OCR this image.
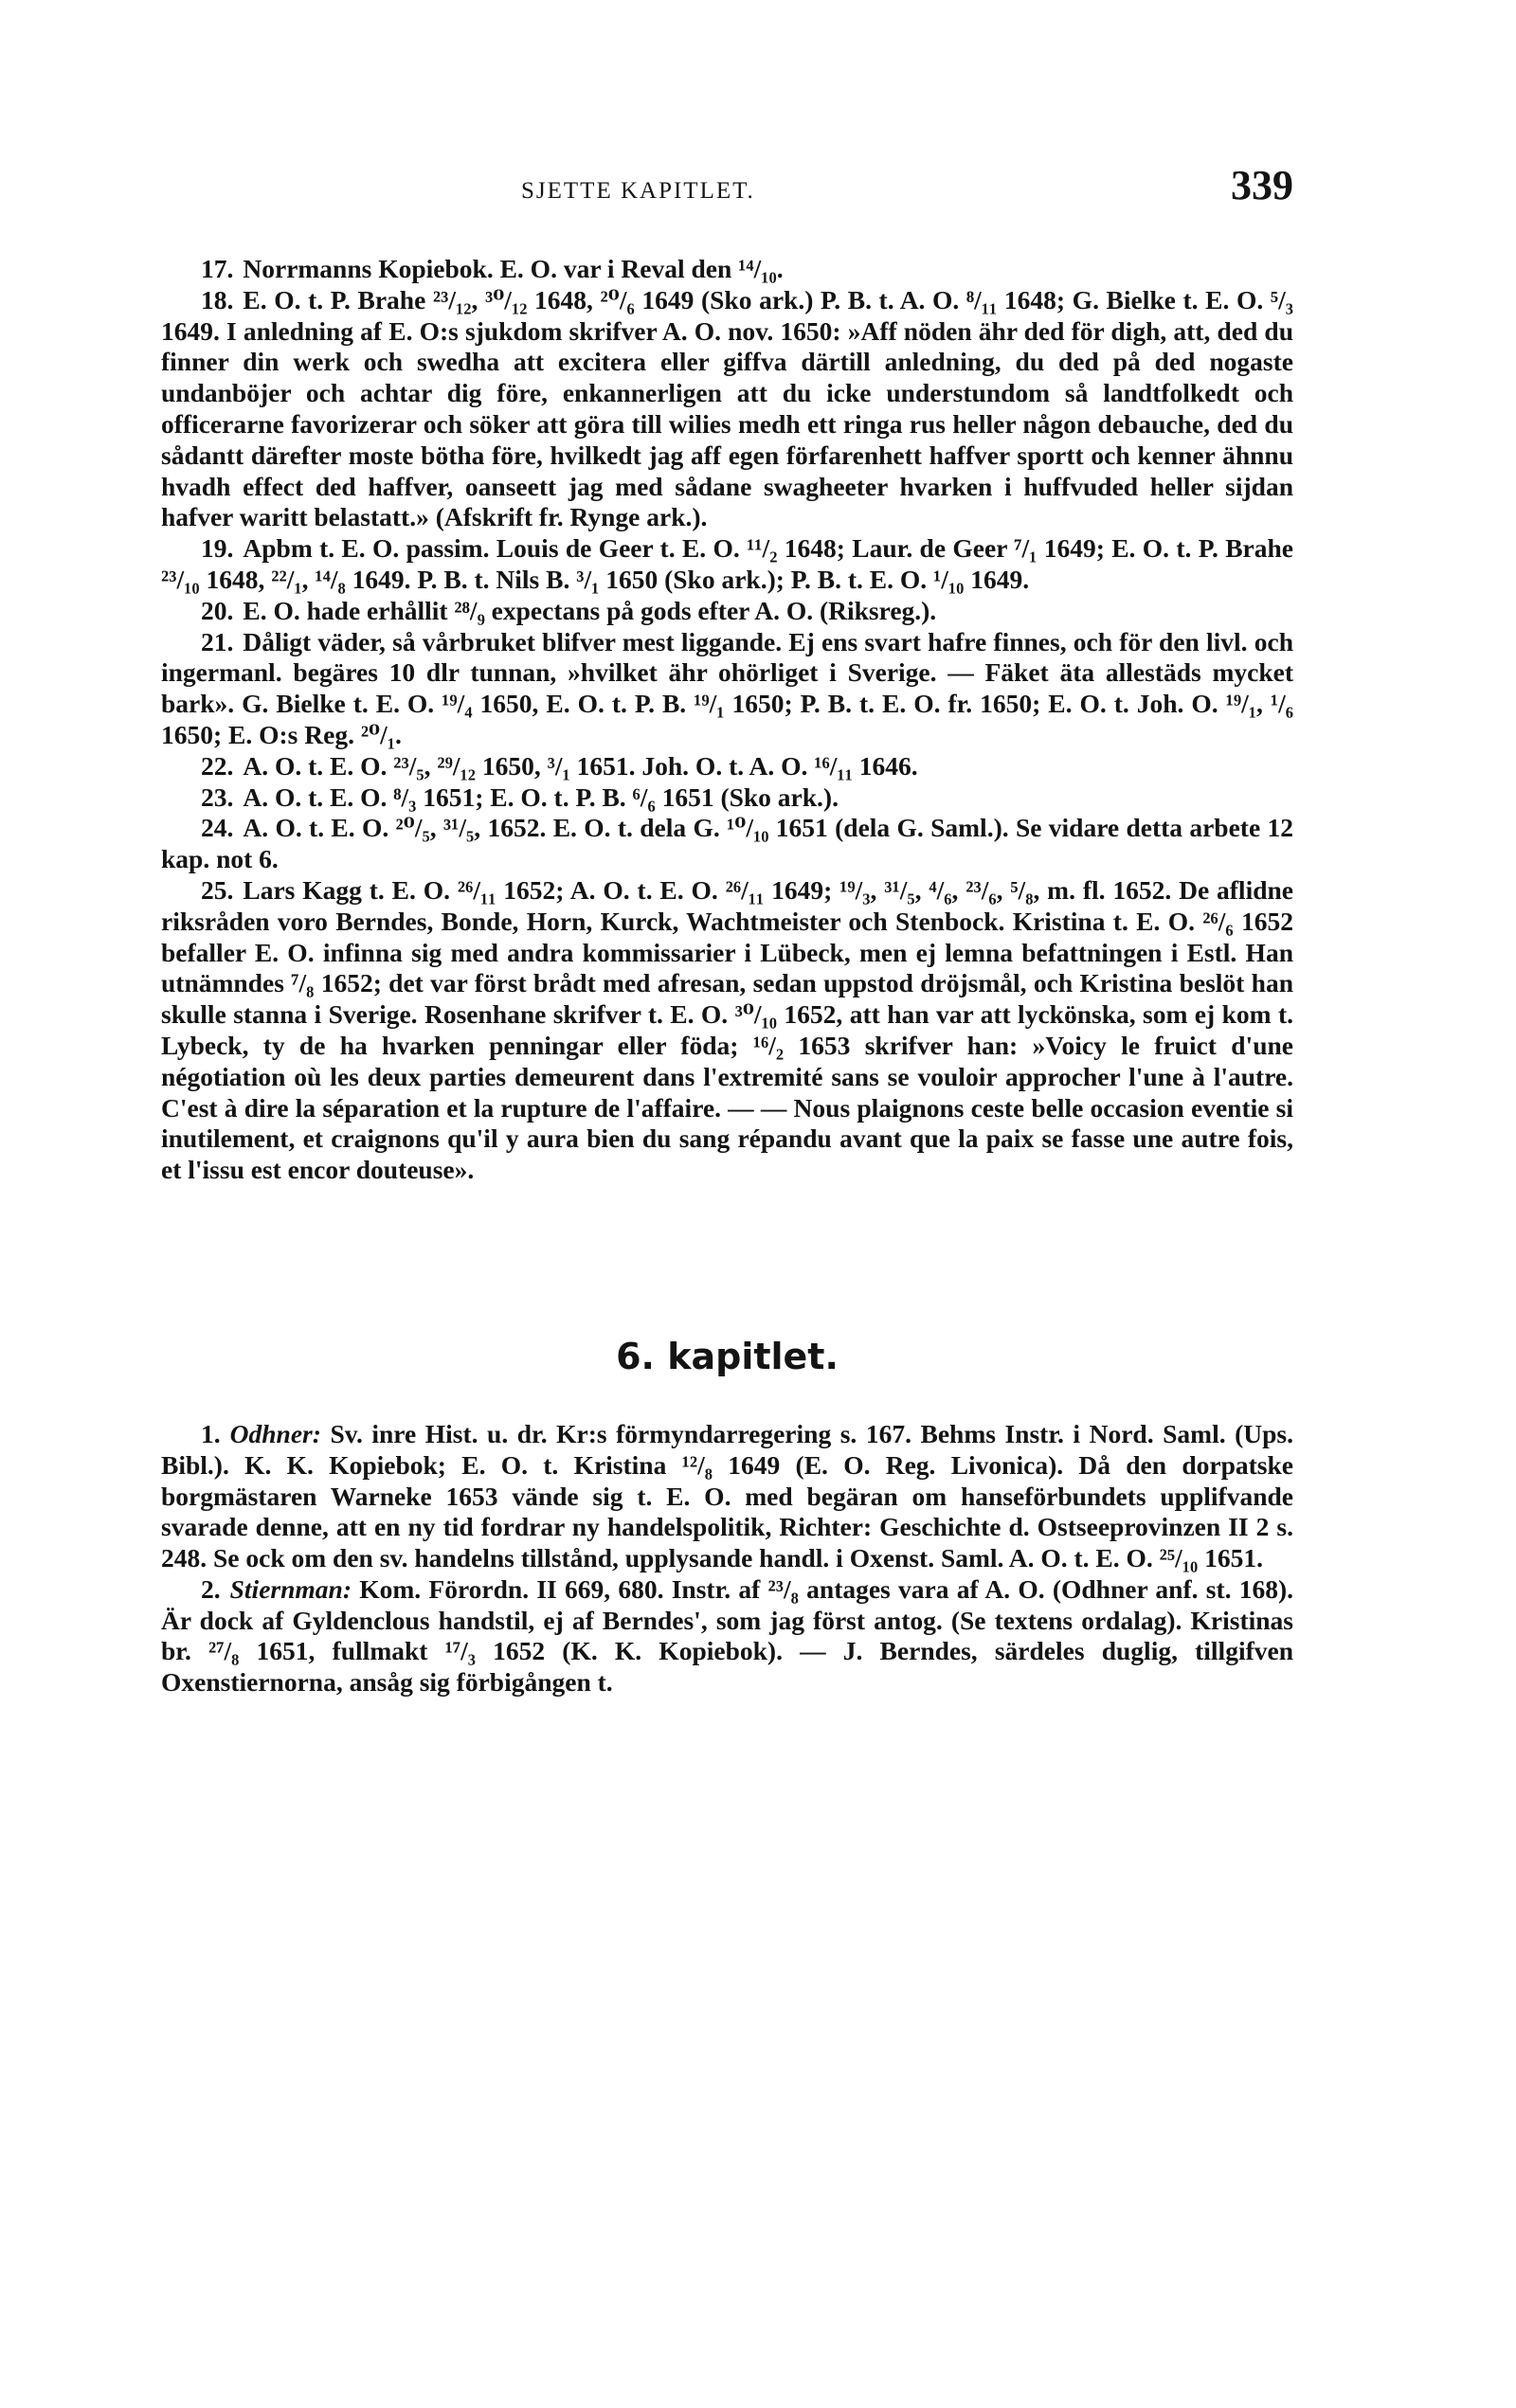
SJETTE KAPITLET.	339

17. Norrmanns Kopiebok. E. O. var i Reval den ¹⁴/₁₀.

18. E. O. t. P. Brahe ²³/₁₂, ³⁰/₁₂ 1648, ²⁰/₆ 1649 (Sko ark.) P. B. t. A. O. ⁸/₁₁ 1648; G. Bielke t. E. O. ⁵/₃ 1649. I anledning af E. O:s sjukdom skrifver A. O. nov. 1650: »Aff nöden ähr ded för digh, att, ded du finner din werk och swedha att excitera eller giffva därtill anledning, du ded på ded nogaste undanböjer och achtar dig före, enkannerligen att du icke understundom så landtfolkedt och officerarne favorizerar och söker att göra till wilies medh ett ringa rus heller någon debauche, ded du sådantt därefter moste bötha före, hvilkedt jag aff egen förfarenhett haffver sportt och kenner ähnnu hvadh effect ded haffver, oanseett jag med sådane swagheeter hvarken i huffvuded heller sijdan hafver waritt belastatt.» (Afskrift fr. Rynge ark.).

19. Apbm t. E. O. passim. Louis de Geer t. E. O. ¹¹/₂ 1648; Laur. de Geer ⁷/₁ 1649; E. O. t. P. Brahe ²³/₁₀ 1648, ²²/₁, ¹⁴/₈ 1649. P. B. t. Nils B. ³/₁ 1650 (Sko ark.); P. B. t. E. O. ¹/₁₀ 1649.

20. E. O. hade erhållit ²⁸/₉ expectans på gods efter A. O. (Riksreg.).

21. Dåligt väder, så vårbruket blifver mest liggande. Ej ens svart hafre finnes, och för den livl. och ingermanl. begäres 10 dlr tunnan, »hvilket ähr ohörliget i Sverige. — Fäket äta allestäds mycket bark». G. Bielke t. E. O. ¹⁹/₄ 1650, E. O. t. P. B. ¹⁹/₁ 1650; P. B. t. E. O. fr. 1650; E. O. t. Joh. O. ¹⁹/₁, ¹/₆ 1650; E. O:s Reg. ²⁰/₁.

22. A. O. t. E. O. ²³/₅, ²⁹/₁₂ 1650, ³/₁ 1651. Joh. O. t. A. O. ¹⁶/₁₁ 1646.

23. A. O. t. E. O. ⁸/₃ 1651; E. O. t. P. B. ⁶/₆ 1651 (Sko ark.).

24. A. O. t. E. O. ²⁰/₅, ³¹/₅, 1652. E. O. t. dela G. ¹⁰/₁₀ 1651 (dela G. Saml.). Se vidare detta arbete 12 kap. not 6.

25. Lars Kagg t. E. O. ²⁶/₁₁ 1652; A. O. t. E. O. ²⁶/₁₁ 1649; ¹⁹/₃, ³¹/₅, ⁴/₆, ²³/₆, ⁵/₈, m. fl. 1652. De aflidne riksråden voro Berndes, Bonde, Horn, Kurck, Wachtmeister och Stenbock. Kristina t. E. O. ²⁶/₆ 1652 befaller E. O. infinna sig med andra kommissarier i Lübeck, men ej lemna befattningen i Estl. Han utnämndes ⁷/₈ 1652; det var först brådt med afresan, sedan uppstod dröjsmål, och Kristina beslöt han skulle stanna i Sverige. Rosenhane skrifver t. E. O. ³⁰/₁₀ 1652, att han var att lyckönska, som ej kom t. Lybeck, ty de ha hvarken penningar eller föda; ¹⁶/₂ 1653 skrifver han: »Voicy le fruict d'une négotiation où les deux parties demeurent dans l'extremité sans se vouloir approcher l'une à l'autre. C'est à dire la séparation et la rupture de l'affaire. — — Nous plaignons ceste belle occasion eventie si inutilement, et craignons qu'il y aura bien du sang répandu avant que la paix se fasse une autre fois, et l'issu est encor douteuse».

6. kapitlet.

1. Odhner: Sv. inre Hist. u. dr. Kr:s förmyndarregering s. 167. Behms Instr. i Nord. Saml. (Ups. Bibl.). K. K. Kopiebok; E. O. t. Kristina ¹²/₈ 1649 (E. O. Reg. Livonica). Då den dorpatske borgmästaren Warneke 1653 vände sig t. E. O. med begäran om hanseförbundets upplifvande svarade denne, att en ny tid fordrar ny handelspolitik, Richter: Geschichte d. Ostseeprovinzen II 2 s. 248. Se ock om den sv. handelns tillstånd, upplysande handl. i Oxenst. Saml. A. O. t. E. O. ²⁵/₁₀ 1651.

2. Stiernman: Kom. Förordn. II 669, 680. Instr. af ²³/₈ antages vara af A. O. (Odhner anf. st. 168). Är dock af Gyldenclous handstil, ej af Berndes', som jag först antog. (Se textens ordalag). Kristinas br. ²⁷/₈ 1651, fullmakt ¹⁷/₃ 1652 (K. K. Kopiebok). — J. Berndes, särdeles duglig, tillgifven Oxenstiernorna, ansåg sig förbigången t.
